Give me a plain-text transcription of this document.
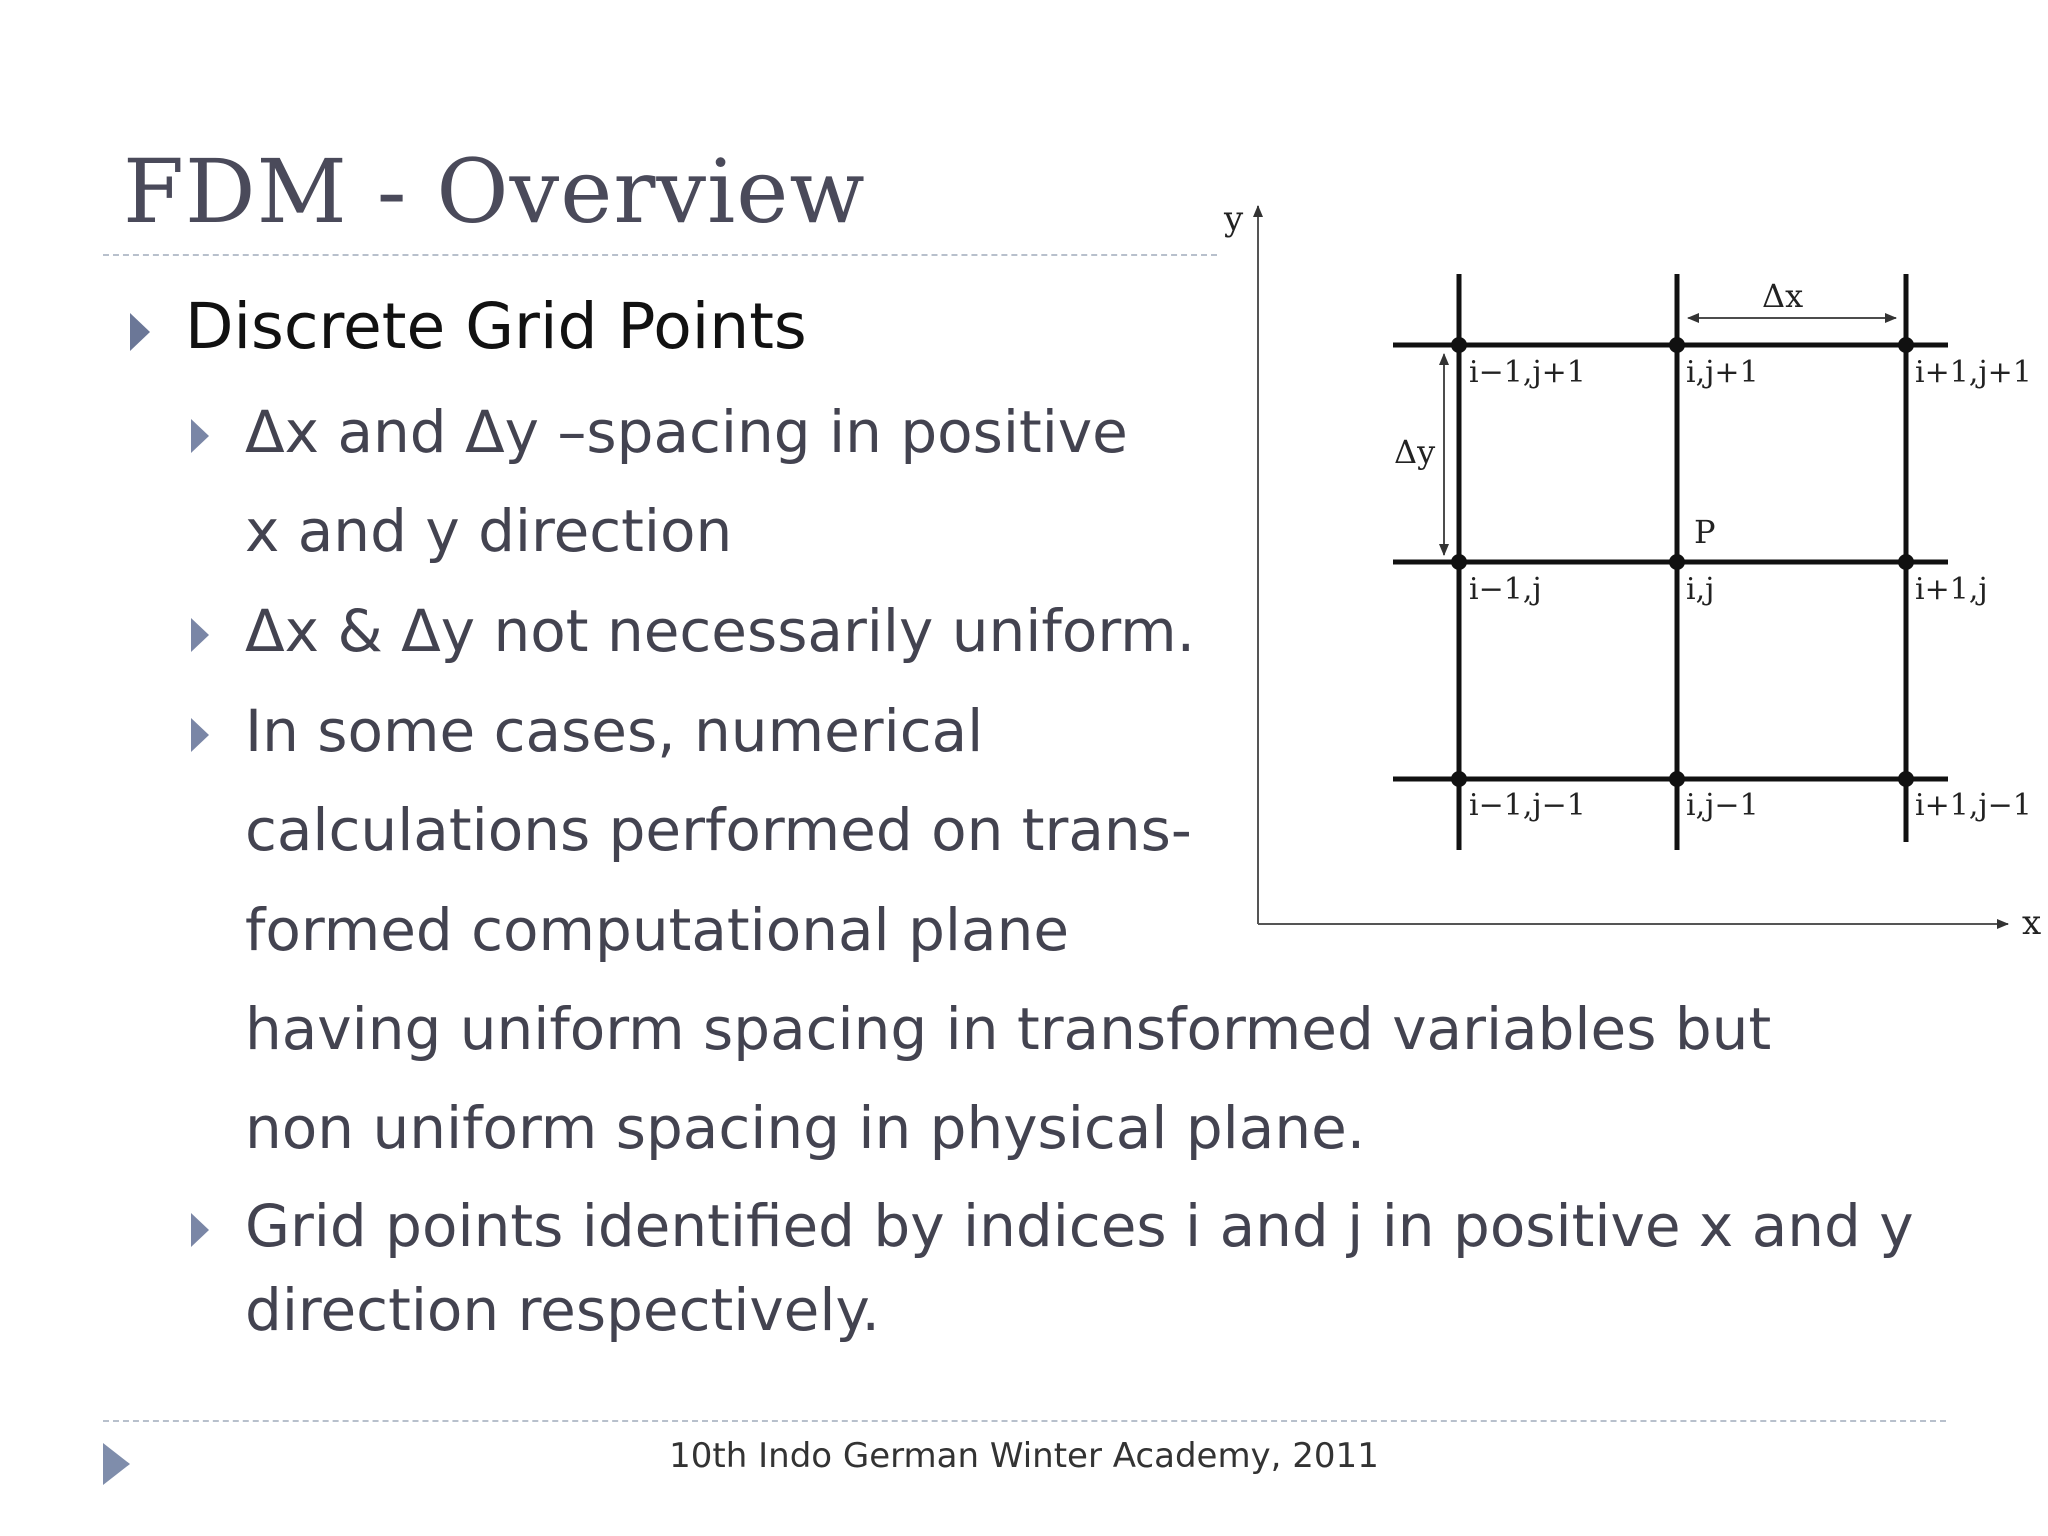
FDM - Overview
Discrete Grid Points
Δx and Δy –spacing in positive
x and y direction
Δx & Δy not necessarily uniform.
In some cases, numerical
calculations performed on trans-
formed computational plane
having uniform spacing in transformed variables but
non uniform spacing in physical plane.
Grid points identified by indices i and j in positive x and y
direction respectively.
y
x
Δx
Δy
P
i−1,j+1	i,j+1	i+1,j+1
i−1,j	i,j	i+1,j
i−1,j−1	i,j−1	i+1,j−1
10th Indo German Winter Academy, 2011
